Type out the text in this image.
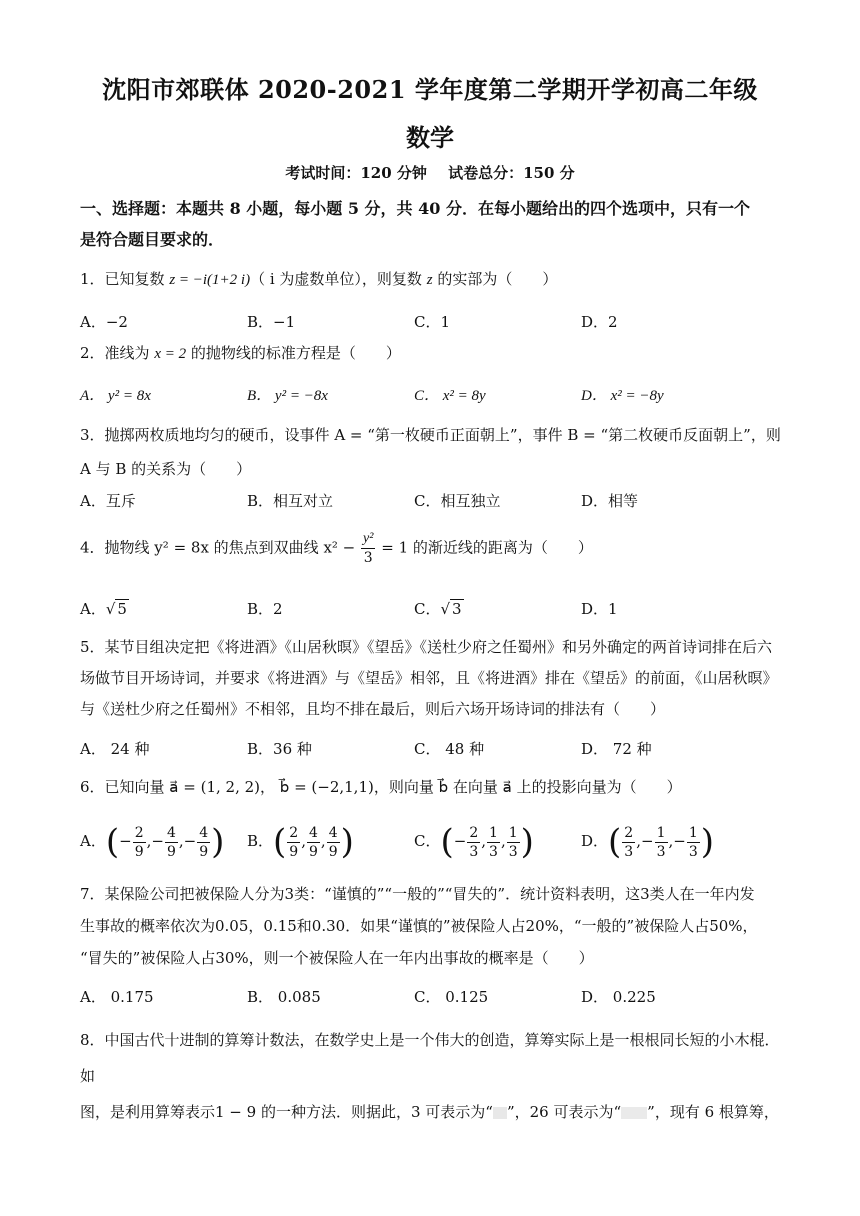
沈阳市郊联体 2020-2021 学年度第二学期开学初高二年级
数学
考试时间：120 分钟 试卷总分：150 分
一、选择题：本题共 8 小题，每小题 5 分，共 40 分．在每小题给出的四个选项中，只有一个
是符合题目要求的．
1．已知复数 z = −i(1+2 i)（ i 为虚数单位），则复数 z 的实部为（　　）
A．−2	B．−1	C．1	D．2
2．准线为 x = 2 的抛物线的标准方程是（　　）
A． y² = 8x	B． y² = −8x	C． x² = 8y	D． x² = −8y
3．抛掷两枚质地均匀的硬币，设事件 A = “第一枚硬币正面朝上”，事件 B = “第二枚硬币反面朝上”，则
A 与 B 的关系为（　　）
A．互斥	B．相互对立	C．相互独立	D．相等
4．抛物线 y² = 8x 的焦点到双曲线 $x^2 - \frac{\text{y²}}{3} = 1$ 的渐近线的距离为（　　）
A．√ 5	B．2	C．√ 3	D．1
5．某节目组决定把《将进酒》《山居秋暝》《望岳》《送杜少府之任蜀州》和另外确定的两首诗词排在后六
场做节目开场诗词，并要求《将进酒》与《望岳》相邻，且《将进酒》排在《望岳》的前面，《山居秋暝》
与《送杜少府之任蜀州》不相邻，且均不排在最后，则后六场开场诗词的排法有（　　）
A． 24 种	B．36 种	C． 48 种	D． 72 种
6．已知向量 a⃗ = (1, 2, 2)， b⃗ = (−2,1,1)，则向量 b⃗ 在向量 a⃗ 上的投影向量为（　　）
A．(− $\frac{2}{9}$ ,− $\frac{4}{9}$ ,− $\frac{4}{9}$ )	B．( $\frac{2}{9}$ , $\frac{4}{9}$ , $\frac{4}{9}$ )	C．(− $\frac{2}{3}$ , $\frac{1}{3}$ , $\frac{1}{3}$ )	D．( $\frac{2}{3}$ ,− $\frac{1}{3}$ ,− $\frac{1}{3}$ )
7．某保险公司把被保险人分为3类：“谨慎的”“一般的”“冒失的”．统计资料表明，这3类人在一年内发
生事故的概率依次为0.05，0.15和0.30．如果“谨慎的”被保险人占20%，“一般的”被保险人占50%，
“冒失的”被保险人占30%，则一个被保险人在一年内出事故的概率是（　　）
A． 0.175	B． 0.085	C． 0.125	D． 0.225
8．中国古代十进制的算筹计数法，在数学史上是一个伟大的创造，算筹实际上是一根根同长短的小木棍．如
图，是利用算筹表示1 − 9 的一种方法．则据此，3 可表示为“ ”，26 可表示为“ ”，现有 6 根算筹，
